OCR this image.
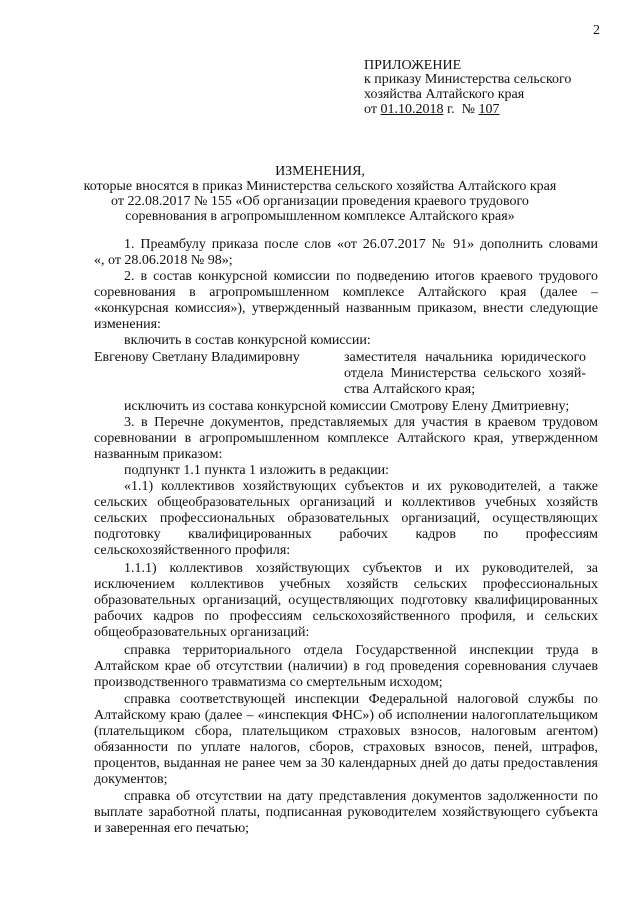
2
ПРИЛОЖЕНИЕ
к приказу Министерства сельского
хозяйства Алтайского края
от 01.10.2018 г. № 107
ИЗМЕНЕНИЯ,
которые вносятся в приказ Министерства сельского хозяйства Алтайского края
от 22.08.2017 № 155 «Об организации проведения краевого трудового
соревнования в агропромышленном комплексе Алтайского края»
1. Преамбулу приказа после слов «от 26.07.2017 № 91» дополнить словами
«, от 28.06.2018 № 98»;
2. в состав конкурсной комиссии по подведению итогов краевого трудового
соревнования в агропромышленном комплексе Алтайского края (далее –
«конкурсная комиссия»), утвержденный названным приказом, внести следующие
изменения:
включить в состав конкурсной комиссии:
Евгенову Светлану Владимировну	заместителя начальника юридического
отдела Министерства сельского хозяй-
ства Алтайского края;
исключить из состава конкурсной комиссии Смотрову Елену Дмитриевну;
3. в Перечне документов, представляемых для участия в краевом трудовом
соревновании в агропромышленном комплексе Алтайского края, утвержденном
названным приказом:
подпункт 1.1 пункта 1 изложить в редакции:
«1.1) коллективов хозяйствующих субъектов и их руководителей, а также
сельских общеобразовательных организаций и коллективов учебных хозяйств
сельских профессиональных образовательных организаций, осуществляющих
подготовку квалифицированных рабочих кадров по профессиям
сельскохозяйственного профиля:
1.1.1) коллективов хозяйствующих субъектов и их руководителей, за
исключением коллективов учебных хозяйств сельских профессиональных
образовательных организаций, осуществляющих подготовку квалифицированных
рабочих кадров по профессиям сельскохозяйственного профиля, и сельских
общеобразовательных организаций:
справка территориального отдела Государственной инспекции труда в
Алтайском крае об отсутствии (наличии) в год проведения соревнования случаев
производственного травматизма со смертельным исходом;
справка соответствующей инспекции Федеральной налоговой службы по
Алтайскому краю (далее – «инспекция ФНС») об исполнении налогоплательщиком
(плательщиком сбора, плательщиком страховых взносов, налоговым агентом)
обязанности по уплате налогов, сборов, страховых взносов, пеней, штрафов,
процентов, выданная не ранее чем за 30 календарных дней до даты предоставления
документов;
справка об отсутствии на дату представления документов задолженности по
выплате заработной платы, подписанная руководителем хозяйствующего субъекта
и заверенная его печатью;
